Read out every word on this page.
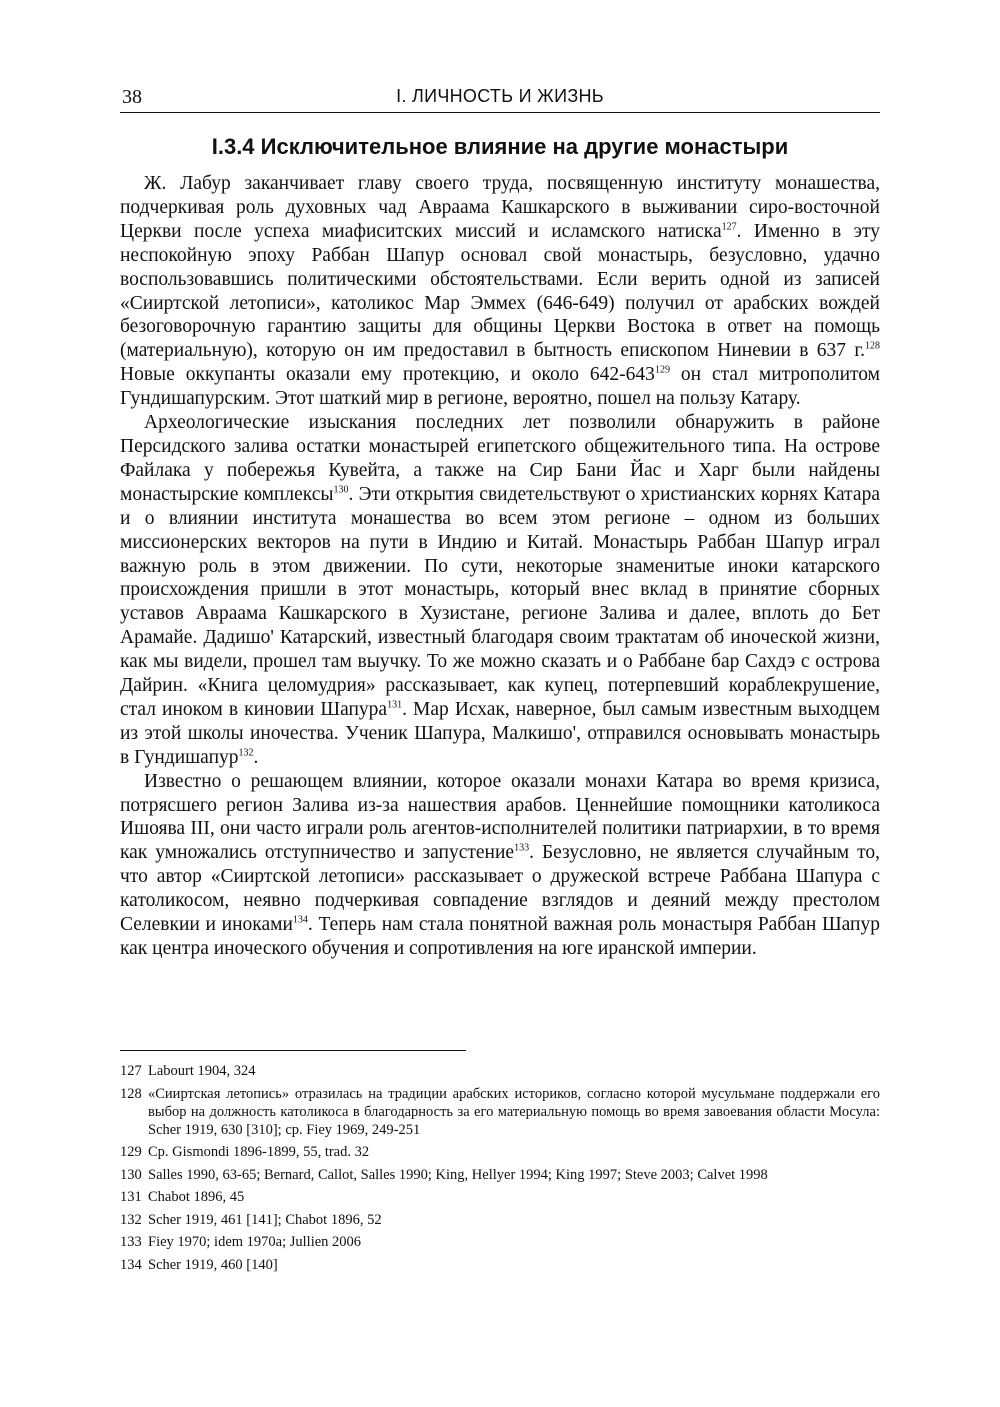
38	I. ЛИЧНОСТЬ И ЖИЗНЬ
I.3.4 Исключительное влияние на другие монастыри

Ж. Лабур заканчивает главу своего труда, посвященную институту монашества, подчеркивая роль духовных чад Авраама Кашкарского в выживании сиро-восточной Церкви после успеха миафиситских миссий и исламского натиска$^{127}$. Именно в эту неспокойную эпоху Раббан Шапур основал свой монастырь, безусловно, удачно воспользовавшись политическими обстоятельствами. Если верить одной из записей «Сииртской летописи», католикос Мар Эммех (646-649) получил от арабских вождей безоговорочную гарантию защиты для общины Церкви Востока в ответ на помощь (материальную), которую он им предоставил в бытность епископом Ниневии в 637 г.$^{128}$ Новые оккупанты оказали ему протекцию, и около $642-643^{129}$ он стал митрополитом Гундишапурским. Этот шаткий мир в регионе, вероятно, пошел на пользу Катару.

Археологические изыскания последних лет позволили обнаружить в районе Персидского залива остатки монастырей египетского общежительного типа. На острове Файлака у побережья Кувейта, а также на Сир Бани Йас и Харг были найдены монастырские комплексы$^{130}$. Эти открытия свидетельствуют о христианских корнях Катара и о влиянии института монашества во всем этом регионе – одном из больших миссионерских векторов на пути в Индию и Китай. Монастырь Раббан Шапур играл важную роль в этом движении. По сути, некоторые знаменитые иноки катарского происхождения пришли в этот монастырь, который внес вклад в принятие сборных уставов Авраама Кашкарского в Хузистане, регионе Залива и далее, вплоть до Бет Арамайе. Дадишо' Катарский, известный благодаря своим трактатам об иноческой жизни, как мы видели, прошел там выучку. То же можно сказать и о Раббане бар Сахдэ с острова Дайрин. «Книга целомудрия» рассказывает, как купец, потерпевший кораблекрушение, стал иноком в киновии Шапура$^{131}$. Мар Исхак, наверное, был самым известным выходцем из этой школы иночества. Ученик Шапура, Малкишо', отправился основывать монастырь в Гундишапур$^{132}$.

Известно о решающем влиянии, которое оказали монахи Катара во время кризиса, потрясшего регион Залива из-за нашествия арабов. Ценнейшие помощники католикоса Ишоява III, они часто играли роль агентов-исполнителей политики патриархии, в то время как умножались отступничество и запустение$^{133}$. Безусловно, не является случайным то, что автор «Сииртской летописи» рассказывает о дружеской встрече Раббана Шапура с католикосом, неявно подчеркивая совпадение взглядов и деяний между престолом Селевкии и иноками$^{134}$. Теперь нам стала понятной важная роль монастыря Раббан Шапур как центра иноческого обучения и сопротивления на юге иранской империи.

127 Labourt 1904, 324
128 «Сииртская летопись» отразилась на традиции арабских историков, согласно которой мусульмане поддержали его выбор на должность католикоса в благодарность за его материальную помощь во время завоевания области Мосула: Scher 1919, 630 [310]; cp. Fiey 1969, 249-251
129 Cp. Gismondi 1896-1899, 55, trad. 32
130 Salles 1990, 63-65; Bernard, Callot, Salles 1990; King, Hellyer 1994; King 1997; Steve 2003; Calvet 1998
131 Chabot 1896, 45
132 Scher 1919, 461 [141]; Chabot 1896, 52
133 Fiey 1970; idem 1970a; Jullien 2006
134 Scher 1919, 460 [140]
